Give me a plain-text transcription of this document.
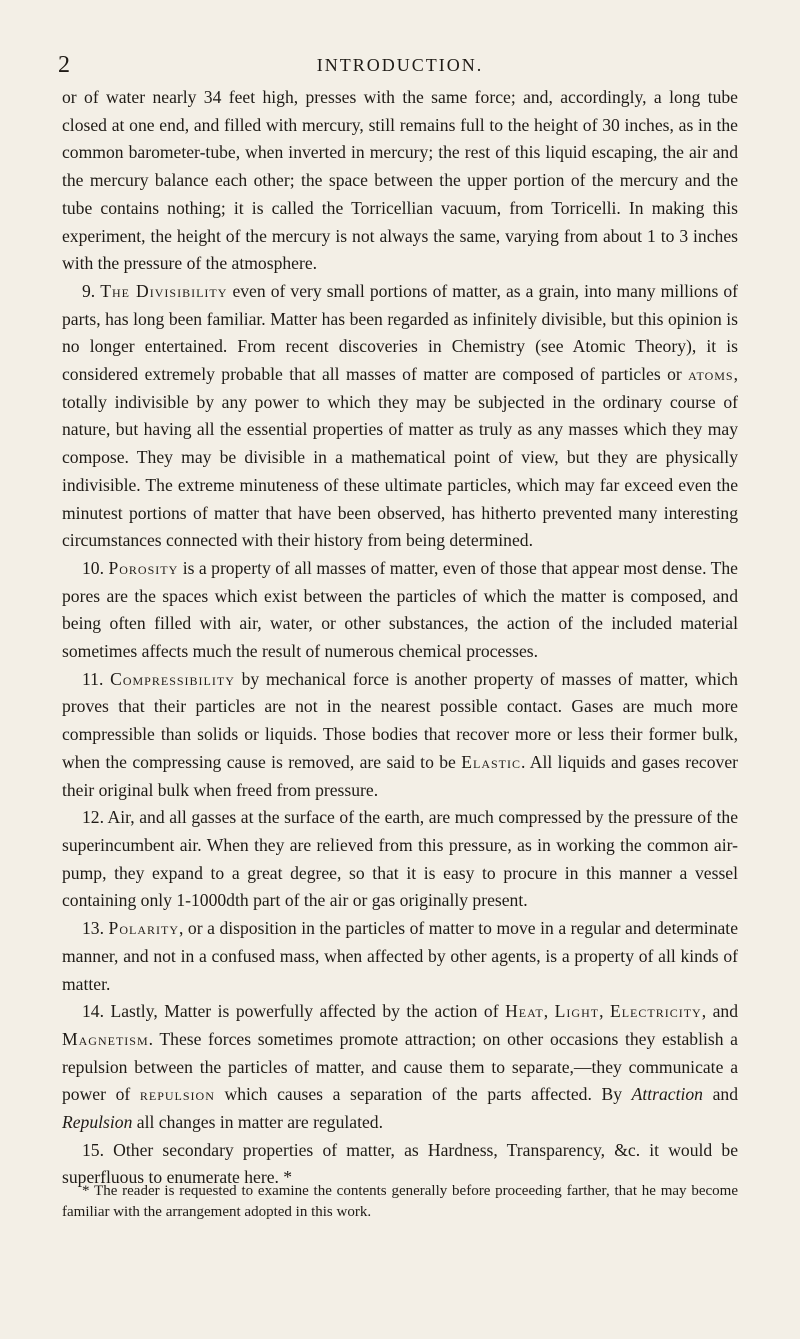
2	INTRODUCTION.

or of water nearly 34 feet high, presses with the same force; and, accordingly, a long tube closed at one end, and filled with mercury, still remains full to the height of 30 inches, as in the common barometer-tube, when inverted in mercury; the rest of this liquid escaping, the air and the mercury balance each other; the space between the upper portion of the mercury and the tube contains nothing; it is called the Torricellian vacuum, from Torricelli. In making this experiment, the height of the mercury is not always the same, varying from about 1 to 3 inches with the pressure of the atmosphere.

9. The Divisibility even of very small portions of matter, as a grain, into many millions of parts, has long been familiar. Matter has been regarded as infinitely divisible, but this opinion is no longer entertained. From recent discoveries in Chemistry (see Atomic Theory), it is considered extremely probable that all masses of matter are composed of particles or atoms, totally indivisible by any power to which they may be subjected in the ordinary course of nature, but having all the essential properties of matter as truly as any masses which they may compose. They may be divisible in a mathematical point of view, but they are physically indivisible. The extreme minuteness of these ultimate particles, which may far exceed even the minutest portions of matter that have been observed, has hitherto prevented many interesting circumstances connected with their history from being determined.

10. Porosity is a property of all masses of matter, even of those that appear most dense. The pores are the spaces which exist between the particles of which the matter is composed, and being often filled with air, water, or other substances, the action of the included material sometimes affects much the result of numerous chemical processes.

11. Compressibility by mechanical force is another property of masses of matter, which proves that their particles are not in the nearest possible contact. Gases are much more compressible than solids or liquids. Those bodies that recover more or less their former bulk, when the compressing cause is removed, are said to be Elastic. All liquids and gases recover their original bulk when freed from pressure.

12. Air, and all gasses at the surface of the earth, are much compressed by the pressure of the superincumbent air. When they are relieved from this pressure, as in working the common air-pump, they expand to a great degree, so that it is easy to procure in this manner a vessel containing only 1-1000dth part of the air or gas originally present.

13. Polarity, or a disposition in the particles of matter to move in a regular and determinate manner, and not in a confused mass, when affected by other agents, is a property of all kinds of matter.

14. Lastly, Matter is powerfully affected by the action of Heat, Light, Electricity, and Magnetism. These forces sometimes promote attraction; on other occasions they establish a repulsion between the particles of matter, and cause them to separate,—they communicate a power of repulsion which causes a separation of the parts affected. By Attraction and Repulsion all changes in matter are regulated.

15. Other secondary properties of matter, as Hardness, Transparency, &c. it would be superfluous to enumerate here. *

* The reader is requested to examine the contents generally before proceeding farther, that he may become familiar with the arrangement adopted in this work.
